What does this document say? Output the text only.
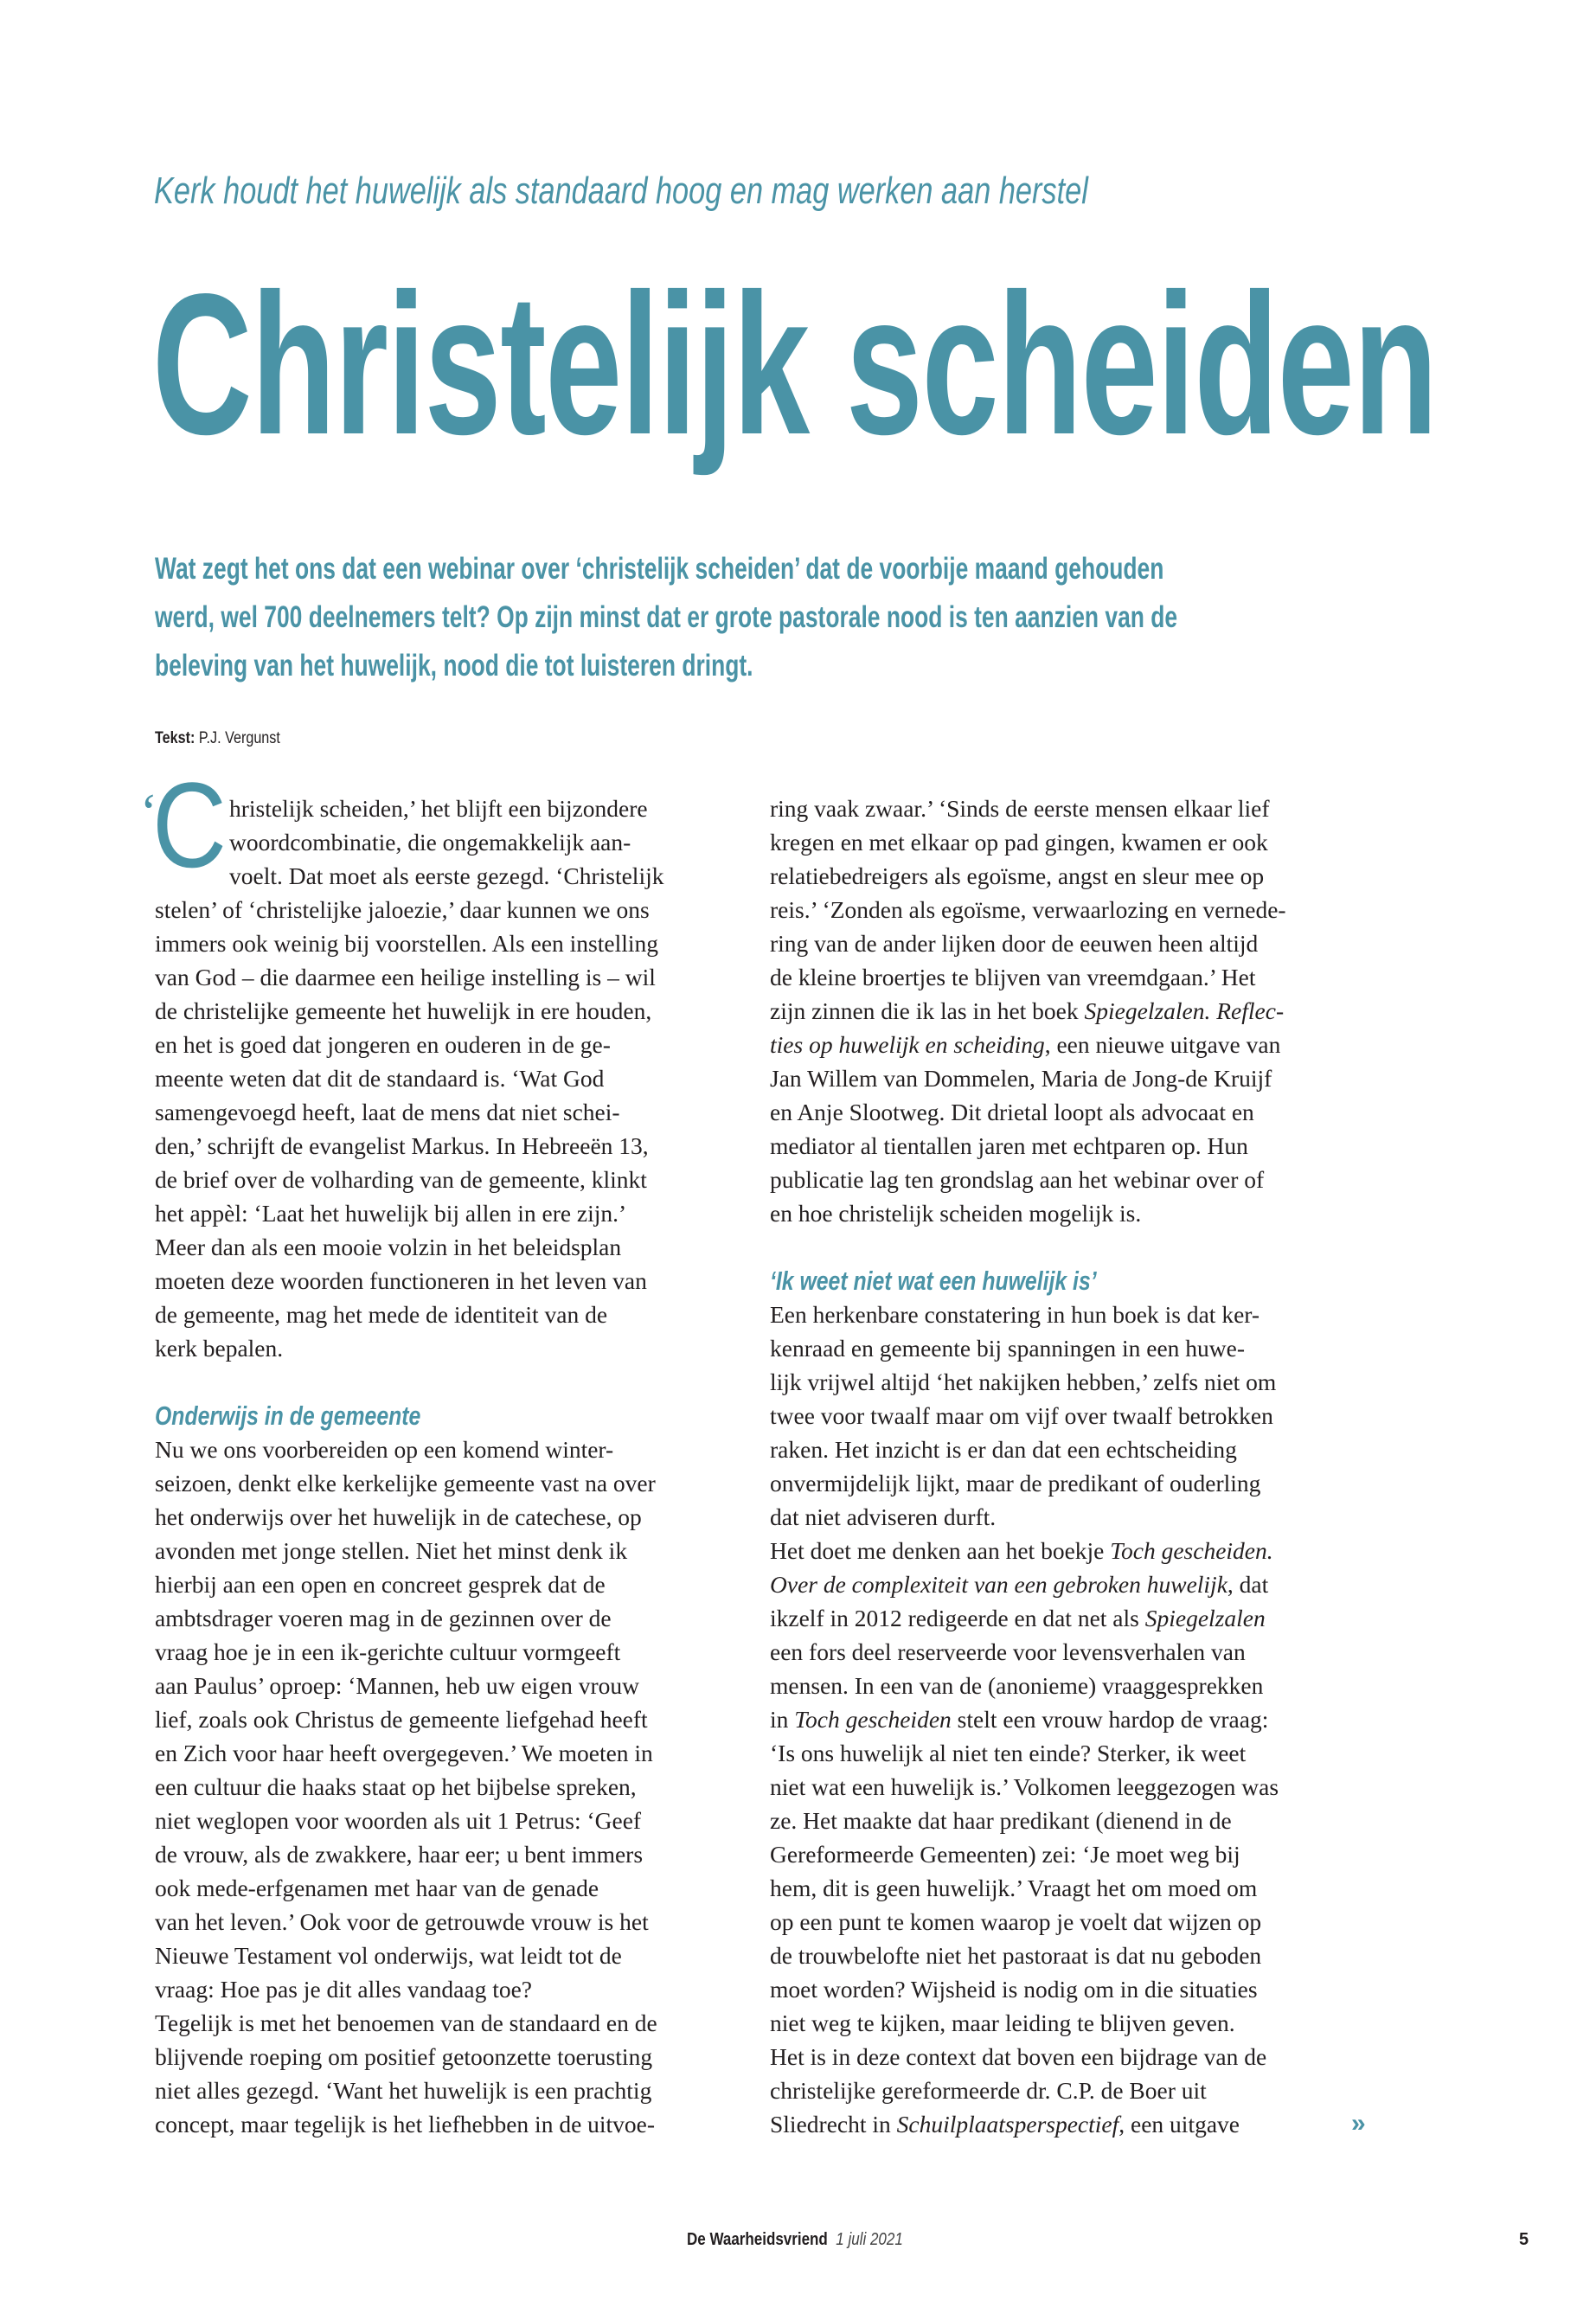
Kerk houdt het huwelijk als standaard hoog en mag werken aan herstel
Christelijk scheiden
Wat zegt het ons dat een webinar over ‘christelijk scheiden’ dat de voorbije maand gehouden
werd, wel 700 deelnemers telt? Op zijn minst dat er grote pastorale nood is ten aanzien van de
beleving van het huwelijk, nood die tot luisteren dringt.
Tekst: P.J. Vergunst
‘
C hristelijk scheiden,’ het blijft een bijzondere
woordcombinatie, die ongemakkelijk aan-
voelt. Dat moet als eerste gezegd. ‘Christelijk
stelen’ of ‘christelijke jaloezie,’ daar kunnen we ons
immers ook weinig bij voorstellen. Als een instelling
van God – die daarmee een heilige instelling is – wil
de christelijke gemeente het huwelijk in ere houden,
en het is goed dat jongeren en ouderen in de ge-
meente weten dat dit de standaard is. ‘Wat God
samengevoegd heeft, laat de mens dat niet schei-
den,’ schrijft de evangelist Markus. In Hebreeën 13,
de brief over de volharding van de gemeente, klinkt
het appèl: ‘Laat het huwelijk bij allen in ere zijn.’
Meer dan als een mooie volzin in het beleidsplan
moeten deze woorden functioneren in het leven van
de gemeente, mag het mede de identiteit van de
kerk bepalen.
Onderwijs in de gemeente
Nu we ons voorbereiden op een komend winter-
seizoen, denkt elke kerkelijke gemeente vast na over
het onderwijs over het huwelijk in de catechese, op
avonden met jonge stellen. Niet het minst denk ik
hierbij aan een open en concreet gesprek dat de
ambtsdrager voeren mag in de gezinnen over de
vraag hoe je in een ik-gerichte cultuur vormgeeft
aan Paulus’ oproep: ‘Mannen, heb uw eigen vrouw
lief, zoals ook Christus de gemeente liefgehad heeft
en Zich voor haar heeft overgegeven.’ We moeten in
een cultuur die haaks staat op het bijbelse spreken,
niet weglopen voor woorden als uit 1 Petrus: ‘Geef
de vrouw, als de zwakkere, haar eer; u bent immers
ook mede-erfgenamen met haar van de genade
van het leven.’ Ook voor de getrouwde vrouw is het
Nieuwe Testament vol onderwijs, wat leidt tot de
vraag: Hoe pas je dit alles vandaag toe?
Tegelijk is met het benoemen van de standaard en de
blijvende roeping om positief getoonzette toerusting
niet alles gezegd. ‘Want het huwelijk is een prachtig
concept, maar tegelijk is het liefhebben in de uitvoe-
ring vaak zwaar.’ ‘Sinds de eerste mensen elkaar lief
kregen en met elkaar op pad gingen, kwamen er ook
relatiebedreigers als egoïsme, angst en sleur mee op
reis.’ ‘Zonden als egoïsme, verwaarlozing en vernede-
ring van de ander lijken door de eeuwen heen altijd
de kleine broertjes te blijven van vreemdgaan.’ Het
zijn zinnen die ik las in het boek Spiegelzalen. Reflec-
ties op huwelijk en scheiding, een nieuwe uitgave van
Jan Willem van Dommelen, Maria de Jong-de Kruijf
en Anje Slootweg. Dit drietal loopt als advocaat en
mediator al tientallen jaren met echtparen op. Hun
publicatie lag ten grondslag aan het webinar over of
en hoe christelijk scheiden mogelijk is.
‘Ik weet niet wat een huwelijk is’
Een herkenbare constatering in hun boek is dat ker-
kenraad en gemeente bij spanningen in een huwe-
lijk vrijwel altijd ‘het nakijken hebben,’ zelfs niet om
twee voor twaalf maar om vijf over twaalf betrokken
raken. Het inzicht is er dan dat een echtscheiding
onvermijdelijk lijkt, maar de predikant of ouderling
dat niet adviseren durft.
Het doet me denken aan het boekje Toch gescheiden.
Over de complexiteit van een gebroken huwelijk, dat
ikzelf in 2012 redigeerde en dat net als Spiegelzalen
een fors deel reserveerde voor levensverhalen van
mensen. In een van de (anonieme) vraaggesprekken
in Toch gescheiden stelt een vrouw hardop de vraag:
‘Is ons huwelijk al niet ten einde? Sterker, ik weet
niet wat een huwelijk is.’ Volkomen leeggezogen was
ze. Het maakte dat haar predikant (dienend in de
Gereformeerde Gemeenten) zei: ‘Je moet weg bij
hem, dit is geen huwelijk.’ Vraagt het om moed om
op een punt te komen waarop je voelt dat wijzen op
de trouwbelofte niet het pastoraat is dat nu geboden
moet worden? Wijsheid is nodig om in die situaties
niet weg te kijken, maar leiding te blijven geven.
Het is in deze context dat boven een bijdrage van de
christelijke gereformeerde dr. C.P. de Boer uit
Sliedrecht in Schuilplaatsperspectief, een uitgave	»
De Waarheidsvriend 1 juli 2021	5
